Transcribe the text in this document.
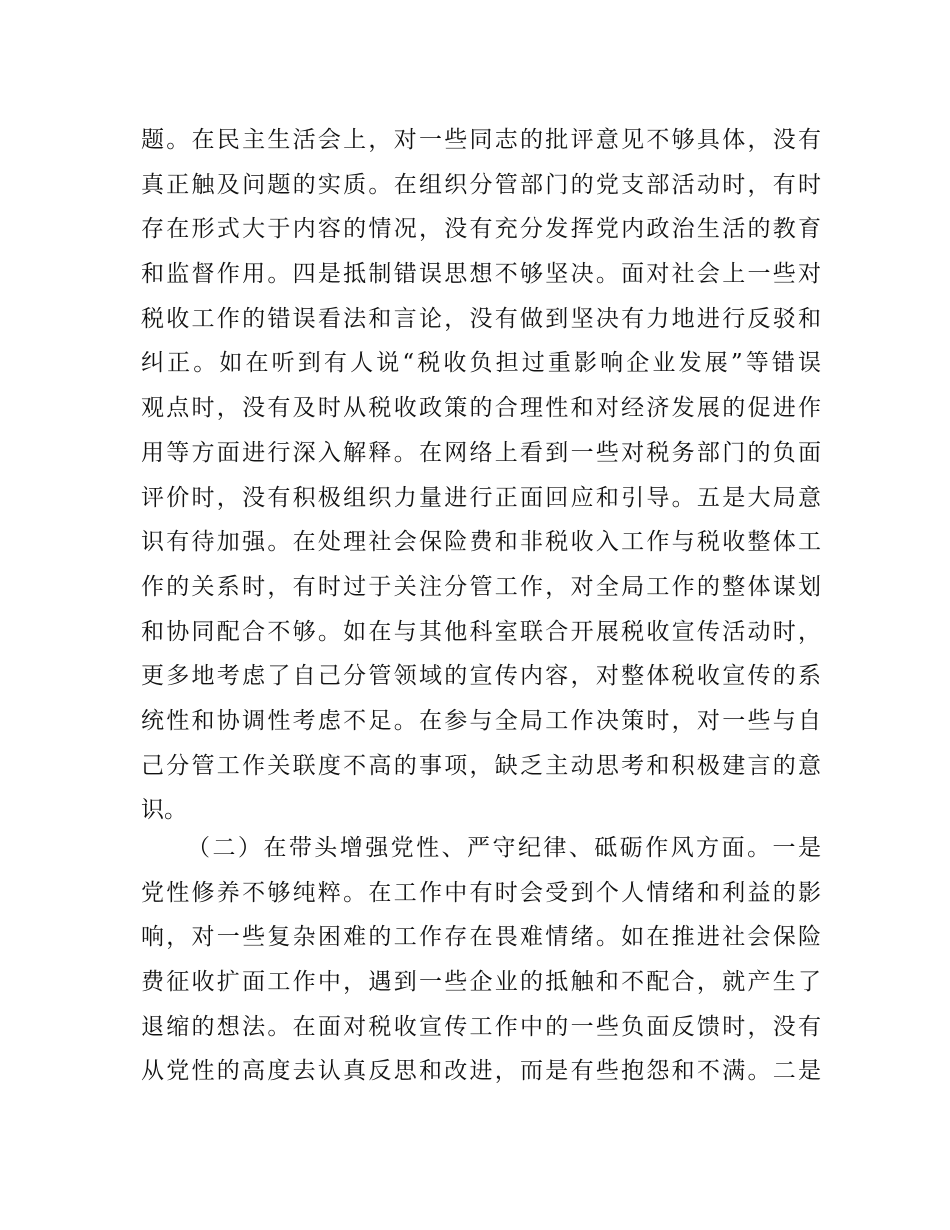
题。在民主生活会上，对一些同志的批评意见不够具体，没有
真正触及问题的实质。在组织分管部门的党支部活动时，有时
存在形式大于内容的情况，没有充分发挥党内政治生活的教育
和监督作用。四是抵制错误思想不够坚决。面对社会上一些对
税收工作的错误看法和言论，没有做到坚决有力地进行反驳和
纠正。如在听到有人说“税收负担过重影响企业发展”等错误
观点时，没有及时从税收政策的合理性和对经济发展的促进作
用等方面进行深入解释。在网络上看到一些对税务部门的负面
评价时，没有积极组织力量进行正面回应和引导。五是大局意
识有待加强。在处理社会保险费和非税收入工作与税收整体工
作的关系时，有时过于关注分管工作，对全局工作的整体谋划
和协同配合不够。如在与其他科室联合开展税收宣传活动时，
更多地考虑了自己分管领域的宣传内容，对整体税收宣传的系
统性和协调性考虑不足。在参与全局工作决策时，对一些与自
己分管工作关联度不高的事项，缺乏主动思考和积极建言的意
识。
（二）在带头增强党性、严守纪律、砥砺作风方面。一是
党性修养不够纯粹。在工作中有时会受到个人情绪和利益的影
响，对一些复杂困难的工作存在畏难情绪。如在推进社会保险
费征收扩面工作中，遇到一些企业的抵触和不配合，就产生了
退缩的想法。在面对税收宣传工作中的一些负面反馈时，没有
从党性的高度去认真反思和改进，而是有些抱怨和不满。二是
